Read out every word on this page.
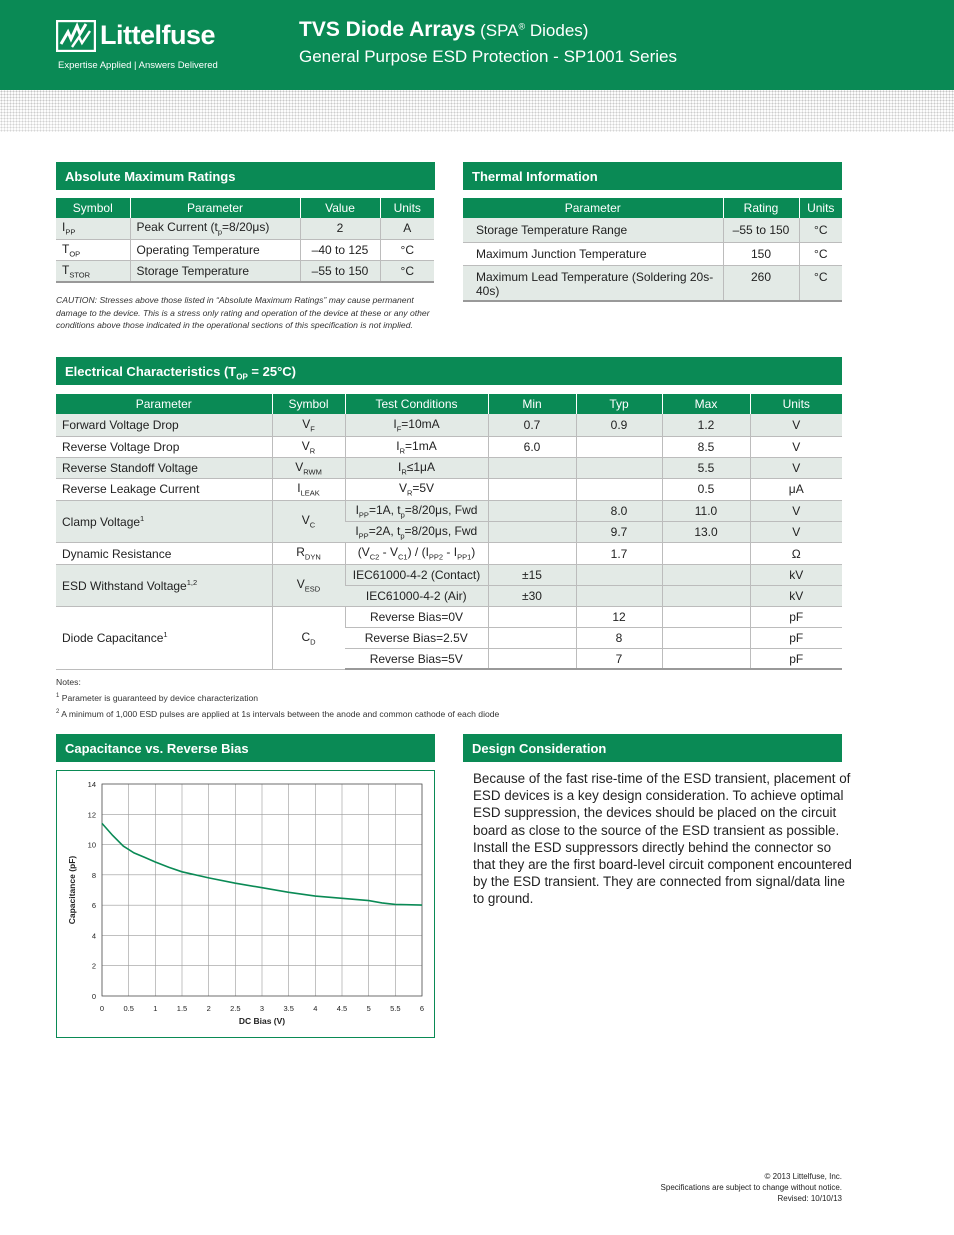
Littelfuse
Expertise Applied | Answers Delivered
TVS Diode Arrays (SPA® Diodes)
General Purpose ESD Protection - SP1001 Series
Absolute Maximum Ratings
Symbol	Parameter	Value	Units
$I_{PP}$	Peak Current $(t_p=8/20\mu s)$	2	A
$T_{OP}$	Operating Temperature	–40 to 125	°C
$T_{STOR}$	Storage Temperature	–55 to 150	°C
CAUTION: Stresses above those listed in “Absolute Maximum Ratings” may cause permanent damage to the device. This is a stress only rating and operation of the device at these or any other conditions above those indicated in the operational sections of this specification is not implied.
Thermal Information
Parameter	Rating	Units
Storage Temperature Range	–55 to 150	°C
Maximum Junction Temperature	150	°C
Maximum Lead Temperature (Soldering 20s-40s)	260	°C
Electrical Characteristics $(T_{OP} = 25^\circ C)$
Parameter	Symbol	Test Conditions	Min	Typ	Max	Units
Forward Voltage Drop	$V_F$	$I_F=10mA$	0.7	0.9	1.2	V
Reverse Voltage Drop	$V_R$	$I_R=1mA$	6.0		8.5	V
Reverse Standoff Voltage	$V_{RWM}$	$I_R\le 1\mu A$			5.5	V
Reverse Leakage Current	$I_{LEAK}$	$V_R=5V$			0.5	μA
Clamp Voltage$^1$	$V_C$	$I_{PP}=1A$, $t_p=8/20\mu s$, Fwd		8.0	11.0	V
		$I_{PP}=2A$, $t_p=8/20\mu s$, Fwd		9.7	13.0	V
Dynamic Resistance	$R_{DYN}$	$(V_{C2} - V_{C1}) / (I_{PP2} - I_{PP1})$		1.7		Ω
ESD Withstand Voltage$^{1,2}$	$V_{ESD}$	IEC61000-4-2 (Contact)	±15			kV
		IEC61000-4-2 (Air)	±30			kV
Diode Capacitance$^1$	$C_D$	Reverse Bias=0V		12		pF
		Reverse Bias=2.5V		8		pF
		Reverse Bias=5V		7		pF
Notes:
$^1$ Parameter is guaranteed by device characterization
$^2$ A minimum of 1,000 ESD pulses are applied at 1s intervals between the anode and common cathode of each diode
Capacitance vs. Reverse Bias
0	0.5	1	1.5	2	2.5	3	3.5	4	4.5	5	5.5	6
0
2
4
6
8
10
12
14
DC Bias (V)
Capacitance (pF)
Design Consideration
Because of the fast rise-time of the ESD transient, placement of ESD devices is a key design consideration. To achieve optimal ESD suppression, the devices should be placed on the circuit board as close to the source of the ESD transient as possible. Install the ESD suppressors directly behind the connector so that they are the first board-level circuit component encountered by the ESD transient. They are connected from signal/data line to ground.
© 2013 Littelfuse, Inc.
Specifications are subject to change without notice.
Revised: 10/10/13
